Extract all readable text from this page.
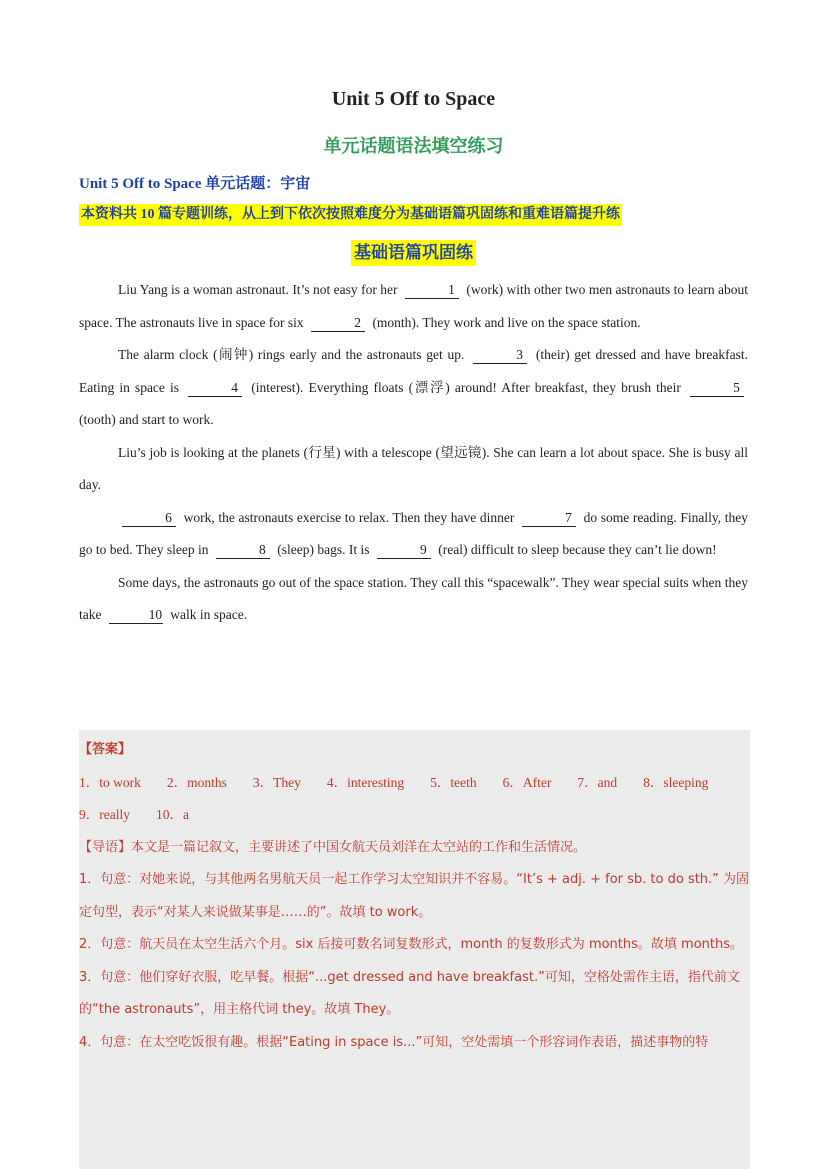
Unit 5 Off to Space
单元话题语法填空练习
Unit 5 Off to Space 单元话题：宇宙
本资料共 10 篇专题训练，从上到下依次按照难度分为基础语篇巩固练和重难语篇提升练
基础语篇巩固练

Liu Yang is a woman astronaut. It’s not easy for her	1 (work) with other two men astronauts to learn about space. The astronauts live in space for six	2 (month). They work and live on the space station.

The alarm clock (闹钟) rings early and the astronauts get up.	3 (their) get dressed and have breakfast. Eating in space is	4 (interest). Everything floats (漂浮) around! After breakfast, they brush their	5 (tooth) and start to work.

Liu’s job is looking at the planets (行星) with a telescope (望远镜). She can learn a lot about space. She is busy all day.

6 work, the astronauts exercise to relax. Then they have dinner	7 do some reading. Finally, they go to bed. They sleep in	8 (sleep) bags. It is	9 (real) difficult to sleep because they can’t lie down!

Some days, the astronauts go out of the space station. They call this “spacewalk”. They wear special suits when they take	10 walk in space.

【答案】

1．to work 2．months 3．They 4．interesting 5．teeth 6．After 7．and 8．sleeping
9．really 10．a

【导语】本文是一篇记叙文，主要讲述了中国女航天员刘洋在太空站的工作和生活情况。

1．句意：对她来说，与其他两名男航天员一起工作学习太空知识并不容易。“It’s + adj. + for sb. to do sth.” 为固定句型，表示“对某人来说做某事是……的”。故填 to work。

2．句意：航天员在太空生活六个月。six 后接可数名词复数形式，month 的复数形式为 months。故填 months。

3．句意：他们穿好衣服，吃早餐。根据“...get dressed and have breakfast.”可知，空格处需作主语，指代前文的“the astronauts”，用主格代词 they。故填 They。

4．句意：在太空吃饭很有趣。根据“Eating in space is...”可知，空处需填一个形容词作表语，描述事物的特
